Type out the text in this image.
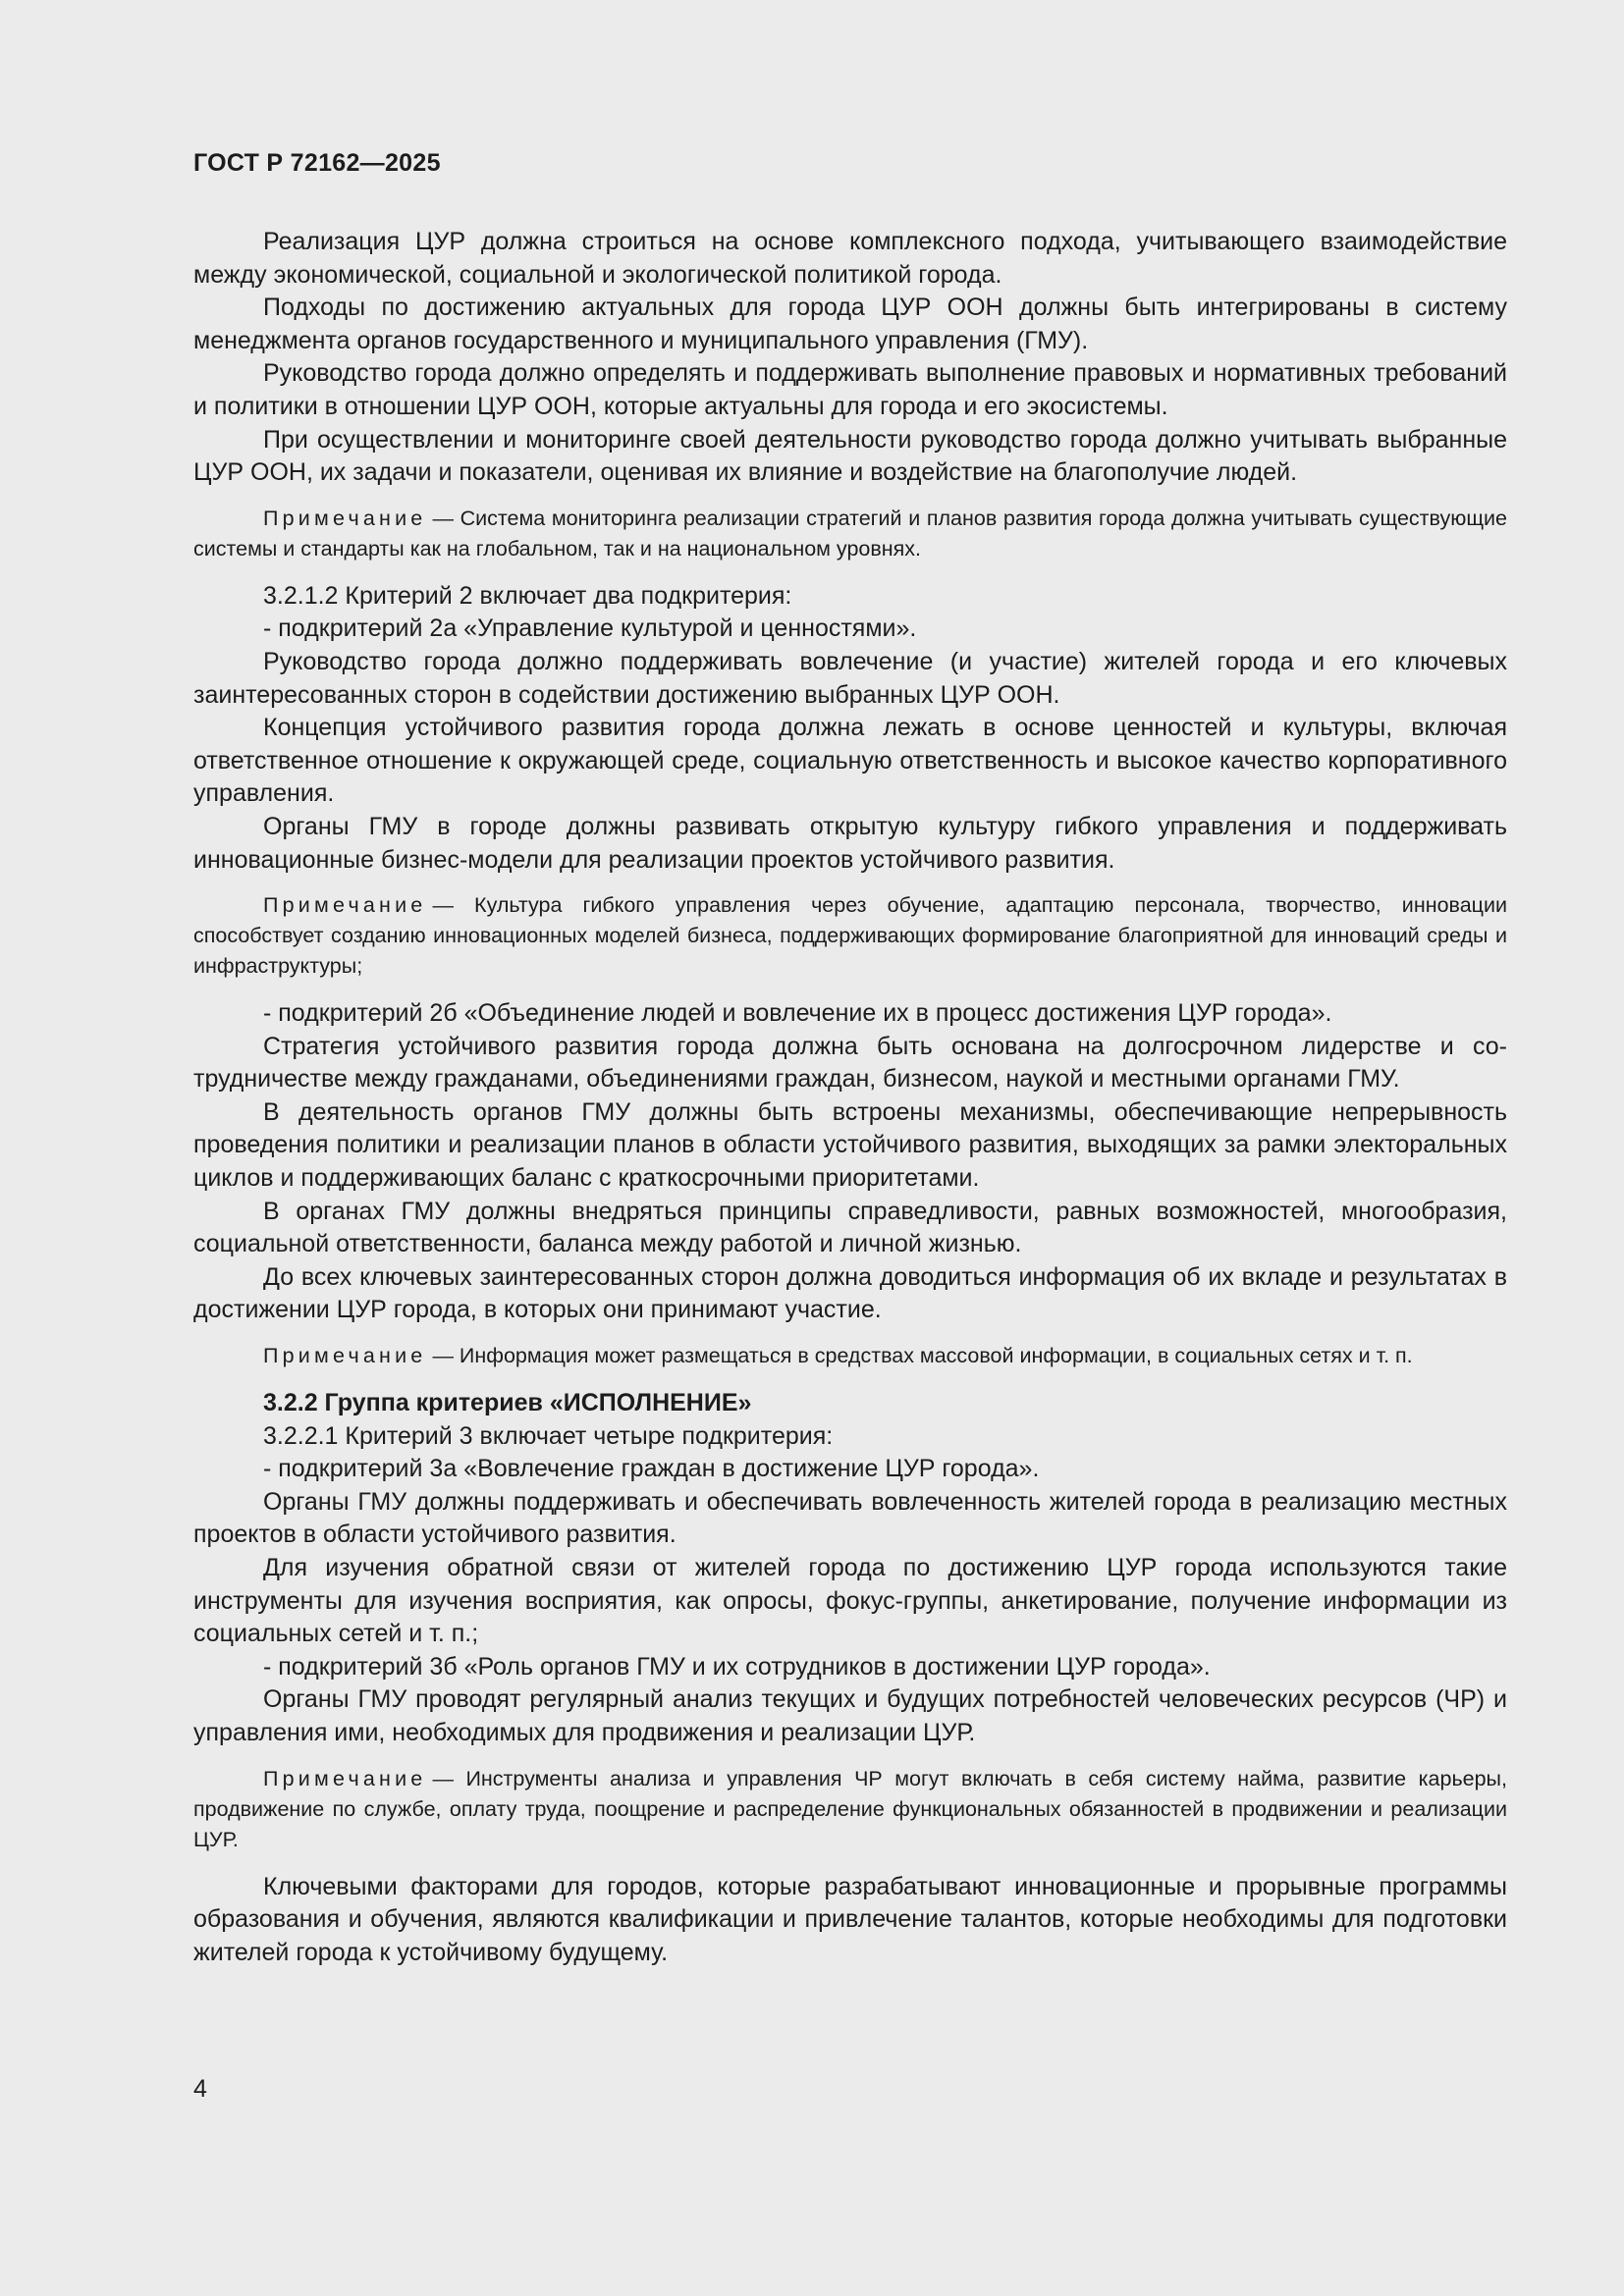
ГОСТ Р 72162—2025

Реализация ЦУР должна строиться на основе комплексного подхода, учитывающего взаимодействие между экономической, социальной и экологической политикой города.

Подходы по достижению актуальных для города ЦУР ООН должны быть интегрированы в систему менеджмента органов государственного и муниципального управления (ГМУ).

Руководство города должно определять и поддерживать выполнение правовых и нормативных требований и политики в отношении ЦУР ООН, которые актуальны для города и его экосистемы.

При осуществлении и мониторинге своей деятельности руководство города должно учитывать выбранные ЦУР ООН, их задачи и показатели, оценивая их влияние и воздействие на благополучие людей.

Примечание — Система мониторинга реализации стратегий и планов развития города должна учитывать существующие системы и стандарты как на глобальном, так и на национальном уровнях.

3.2.1.2 Критерий 2 включает два подкритерия:

- подкритерий 2а «Управление культурой и ценностями».

Руководство города должно поддерживать вовлечение (и участие) жителей города и его ключевых заинтересованных сторон в содействии достижению выбранных ЦУР ООН.

Концепция устойчивого развития города должна лежать в основе ценностей и культуры, включая ответственное отношение к окружающей среде, социальную ответственность и высокое качество корпоративного управления.

Органы ГМУ в городе должны развивать открытую культуру гибкого управления и поддерживать инновационные бизнес-модели для реализации проектов устойчивого развития.

Примечание — Культура гибкого управления через обучение, адаптацию персонала, творчество, инновации способствует созданию инновационных моделей бизнеса, поддерживающих формирование благоприятной для инноваций среды и инфраструктуры;

- подкритерий 2б «Объединение людей и вовлечение их в процесс достижения ЦУР города».

Стратегия устойчивого развития города должна быть основана на долгосрочном лидерстве и сотрудничестве между гражданами, объединениями граждан, бизнесом, наукой и местными органами ГМУ.

В деятельность органов ГМУ должны быть встроены механизмы, обеспечивающие непрерывность проведения политики и реализации планов в области устойчивого развития, выходящих за рамки электоральных циклов и поддерживающих баланс с краткосрочными приоритетами.

В органах ГМУ должны внедряться принципы справедливости, равных возможностей, многообразия, социальной ответственности, баланса между работой и личной жизнью.

До всех ключевых заинтересованных сторон должна доводиться информация об их вкладе и результатах в достижении ЦУР города, в которых они принимают участие.

Примечание — Информация может размещаться в средствах массовой информации, в социальных сетях и т. п.

3.2.2 Группа критериев «ИСПОЛНЕНИЕ»

3.2.2.1 Критерий 3 включает четыре подкритерия:

- подкритерий 3а «Вовлечение граждан в достижение ЦУР города».

Органы ГМУ должны поддерживать и обеспечивать вовлеченность жителей города в реализацию местных проектов в области устойчивого развития.

Для изучения обратной связи от жителей города по достижению ЦУР города используются такие инструменты для изучения восприятия, как опросы, фокус-группы, анкетирование, получение информации из социальных сетей и т. п.;

- подкритерий 3б «Роль органов ГМУ и их сотрудников в достижении ЦУР города».

Органы ГМУ проводят регулярный анализ текущих и будущих потребностей человеческих ресурсов (ЧР) и управления ими, необходимых для продвижения и реализации ЦУР.

Примечание — Инструменты анализа и управления ЧР могут включать в себя систему найма, развитие карьеры, продвижение по службе, оплату труда, поощрение и распределение функциональных обязанностей в продвижении и реализации ЦУР.

Ключевыми факторами для городов, которые разрабатывают инновационные и прорывные программы образования и обучения, являются квалификации и привлечение талантов, которые необходимы для подготовки жителей города к устойчивому будущему.

4
